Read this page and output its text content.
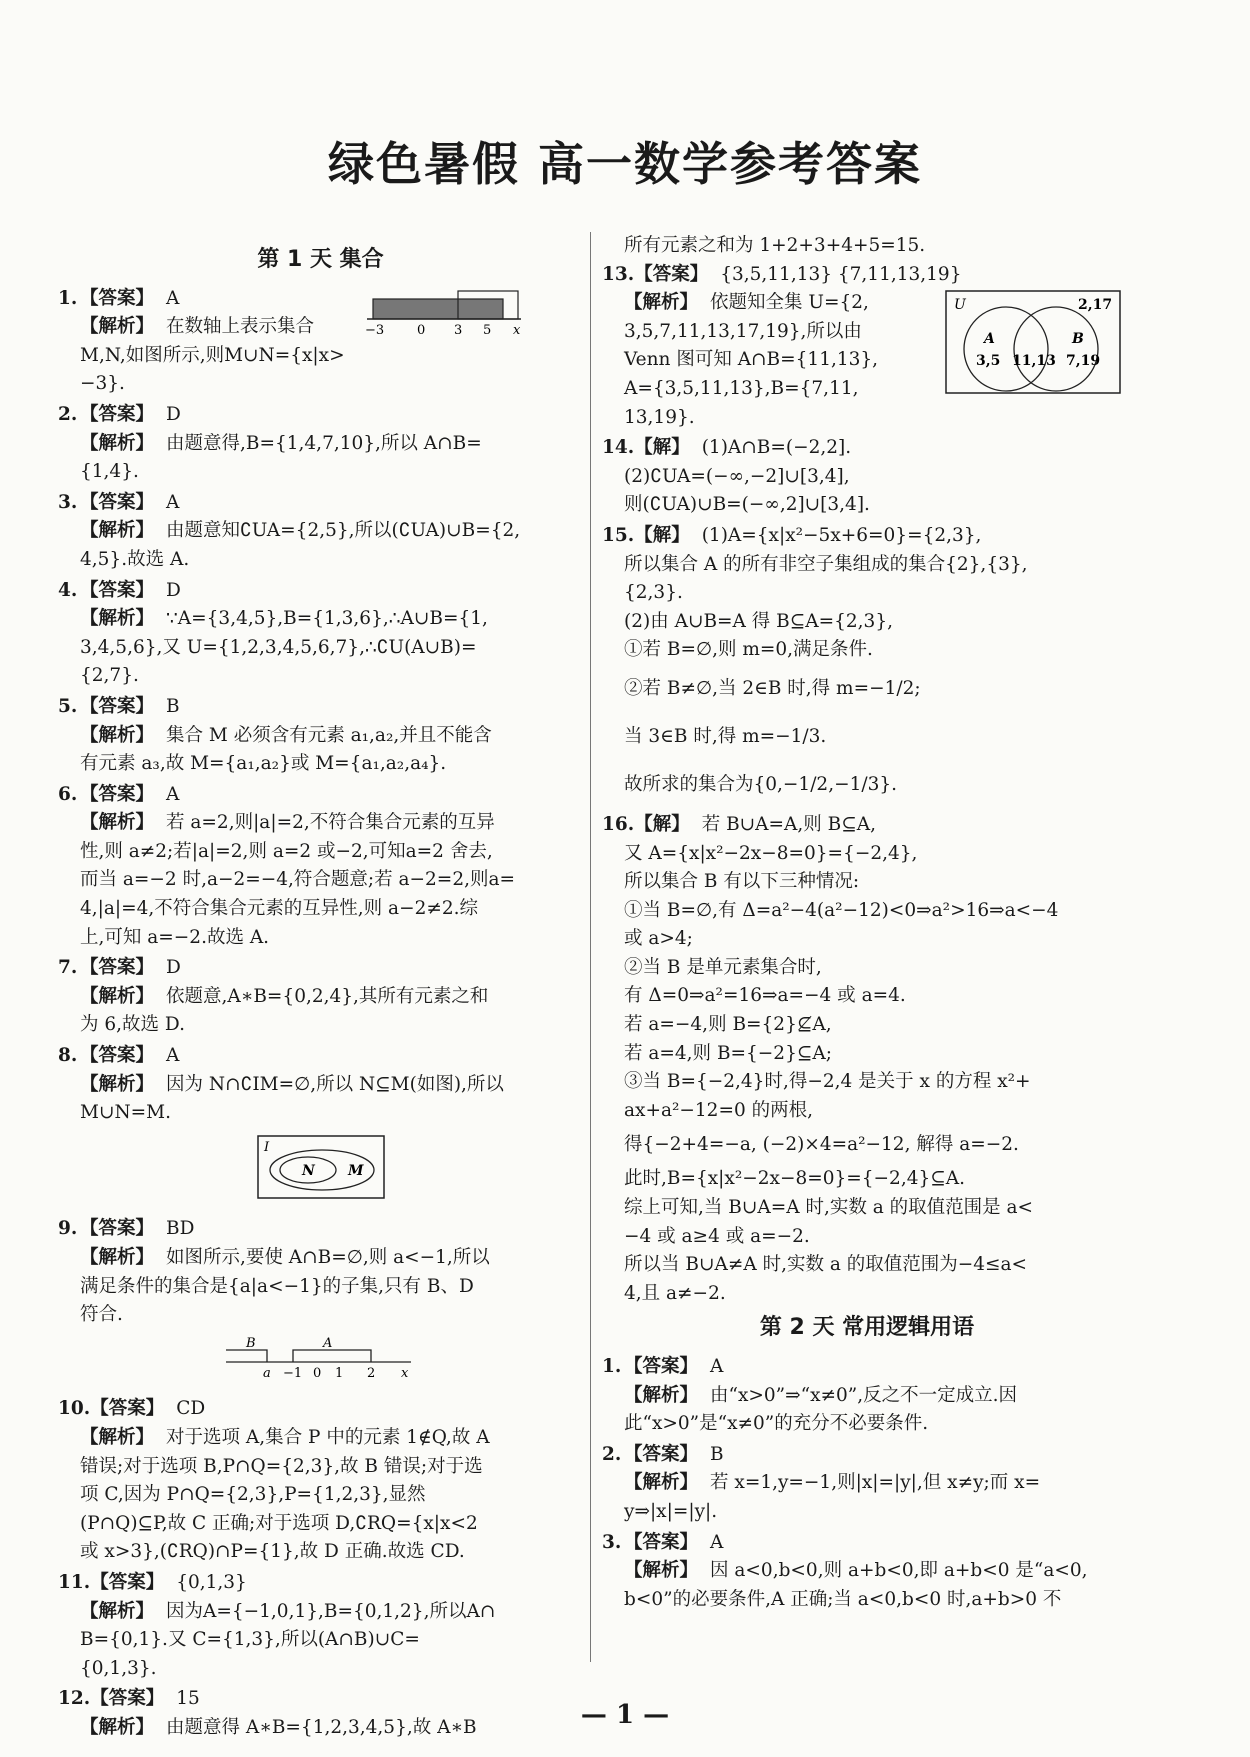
绿色暑假 高一数学参考答案
第 1 天 集合
1. 【答案】 A
【解析】 在数轴上表示集合
M,N,如图所示,则M∪N={x|x>
−3}.
−3	0 3 5 x
2. 【答案】 D
【解析】 由题意得,B={1,4,7,10},所以 A∩B=
{1,4}.
3. 【答案】 A
【解析】 由题意知∁UA={2,5},所以(∁UA)∪B={2,
4,5}.故选 A.
4. 【答案】 D
【解析】 ∵A={3,4,5},B={1,3,6},∴A∪B={1,
3,4,5,6},又 U={1,2,3,4,5,6,7},∴∁U(A∪B)=
{2,7}.
5. 【答案】 B
【解析】 集合 M 必须含有元素 a₁,a₂,并且不能含
有元素 a₃,故 M={a₁,a₂}或 M={a₁,a₂,a₄}.
6. 【答案】 A
【解析】 若 a=2,则|a|=2,不符合集合元素的互异
性,则 a≠2;若|a|=2,则 a=2 或−2,可知a=2 舍去,
而当 a=−2 时,a−2=−4,符合题意;若 a−2=2,则a=
4,|a|=4,不符合集合元素的互异性,则 a−2≠2.综
上,可知 a=−2.故选 A.
7. 【答案】 D
【解析】 依题意,A∗B={0,2,4},其所有元素之和
为 6,故选 D.
8. 【答案】 A
【解析】 因为 N∩∁IM=∅,所以 N⊆M(如图),所以
M∪N=M.
I
N M
9. 【答案】 BD
【解析】 如图所示,要使 A∩B=∅,则 a<−1,所以
满足条件的集合是{a|a<−1}的子集,只有 B、D
符合.
B	A
a −1 0 1 2 x
10.【答案】 CD
【解析】 对于选项 A,集合 P 中的元素 1∉Q,故 A
错误;对于选项 B,P∩Q={2,3},故 B 错误;对于选
项 C,因为 P∩Q={2,3},P={1,2,3},显然
(P∩Q)⊆P,故 C 正确;对于选项 D,∁RQ={x|x<2
或 x>3},(∁RQ)∩P={1},故 D 正确.故选 CD.
11.【答案】 {0,1,3}
【解析】 因为A={−1,0,1},B={0,1,2},所以A∩
B={0,1}.又 C={1,3},所以(A∩B)∪C=
{0,1,3}.
12.【答案】 15
【解析】 由题意得 A∗B={1,2,3,4,5},故 A∗B
所有元素之和为 1+2+3+4+5=15.
13.【答案】 {3,5,11,13} {7,11,13,19}
【解析】 依题知全集 U={2,
3,5,7,11,13,17,19},所以由
Venn 图可知 A∩B={11,13},
A={3,5,11,13},B={7,11,
13,19}.
U	2,17
A	B
3,5 11,13 7,19
14.【解】 (1)A∩B=(−2,2].
(2)∁UA=(−∞,−2]∪[3,4],
则(∁UA)∪B=(−∞,2]∪[3,4].
15.【解】 (1)A={x|x²−5x+6=0}={2,3},
所以集合 A 的所有非空子集组成的集合{2},{3},
{2,3}.
(2)由 A∪B=A 得 B⊆A={2,3},
①若 B=∅,则 m=0,满足条件.
②若 B≠∅,当 2∈B 时,得 m=−1/2;
当 3∈B 时,得 m=−1/3.
故所求的集合为{0,−1/2,−1/3}.
16.【解】 若 B∪A=A,则 B⊆A,
又 A={x|x²−2x−8=0}={−2,4},
所以集合 B 有以下三种情况:
①当 B=∅,有 Δ=a²−4(a²−12)<0⇒a²>16⇒a<−4
或 a>4;
②当 B 是单元素集合时,
有 Δ=0⇒a²=16⇒a=−4 或 a=4.
若 a=−4,则 B={2}⊈A,
若 a=4,则 B={−2}⊆A;
③当 B={−2,4}时,得−2,4 是关于 x 的方程 x²+
ax+a²−12=0 的两根,
得{−2+4=−a, (−2)×4=a²−12, 解得 a=−2.
此时,B={x|x²−2x−8=0}={−2,4}⊆A.
综上可知,当 B∪A=A 时,实数 a 的取值范围是 a<
−4 或 a≥4 或 a=−2.
所以当 B∪A≠A 时,实数 a 的取值范围为−4≤a<
4,且 a≠−2.
第 2 天 常用逻辑用语
1. 【答案】 A
【解析】 由“x>0”⇒“x≠0”,反之不一定成立.因
此“x>0”是“x≠0”的充分不必要条件.
2. 【答案】 B
【解析】 若 x=1,y=−1,则|x|=|y|,但 x≠y;而 x=
y⇒|x|=|y|.
3. 【答案】 A
【解析】 因 a<0,b<0,则 a+b<0,即 a+b<0 是“a<0,
b<0”的必要条件,A 正确;当 a<0,b<0 时,a+b>0 不
— 1 —
